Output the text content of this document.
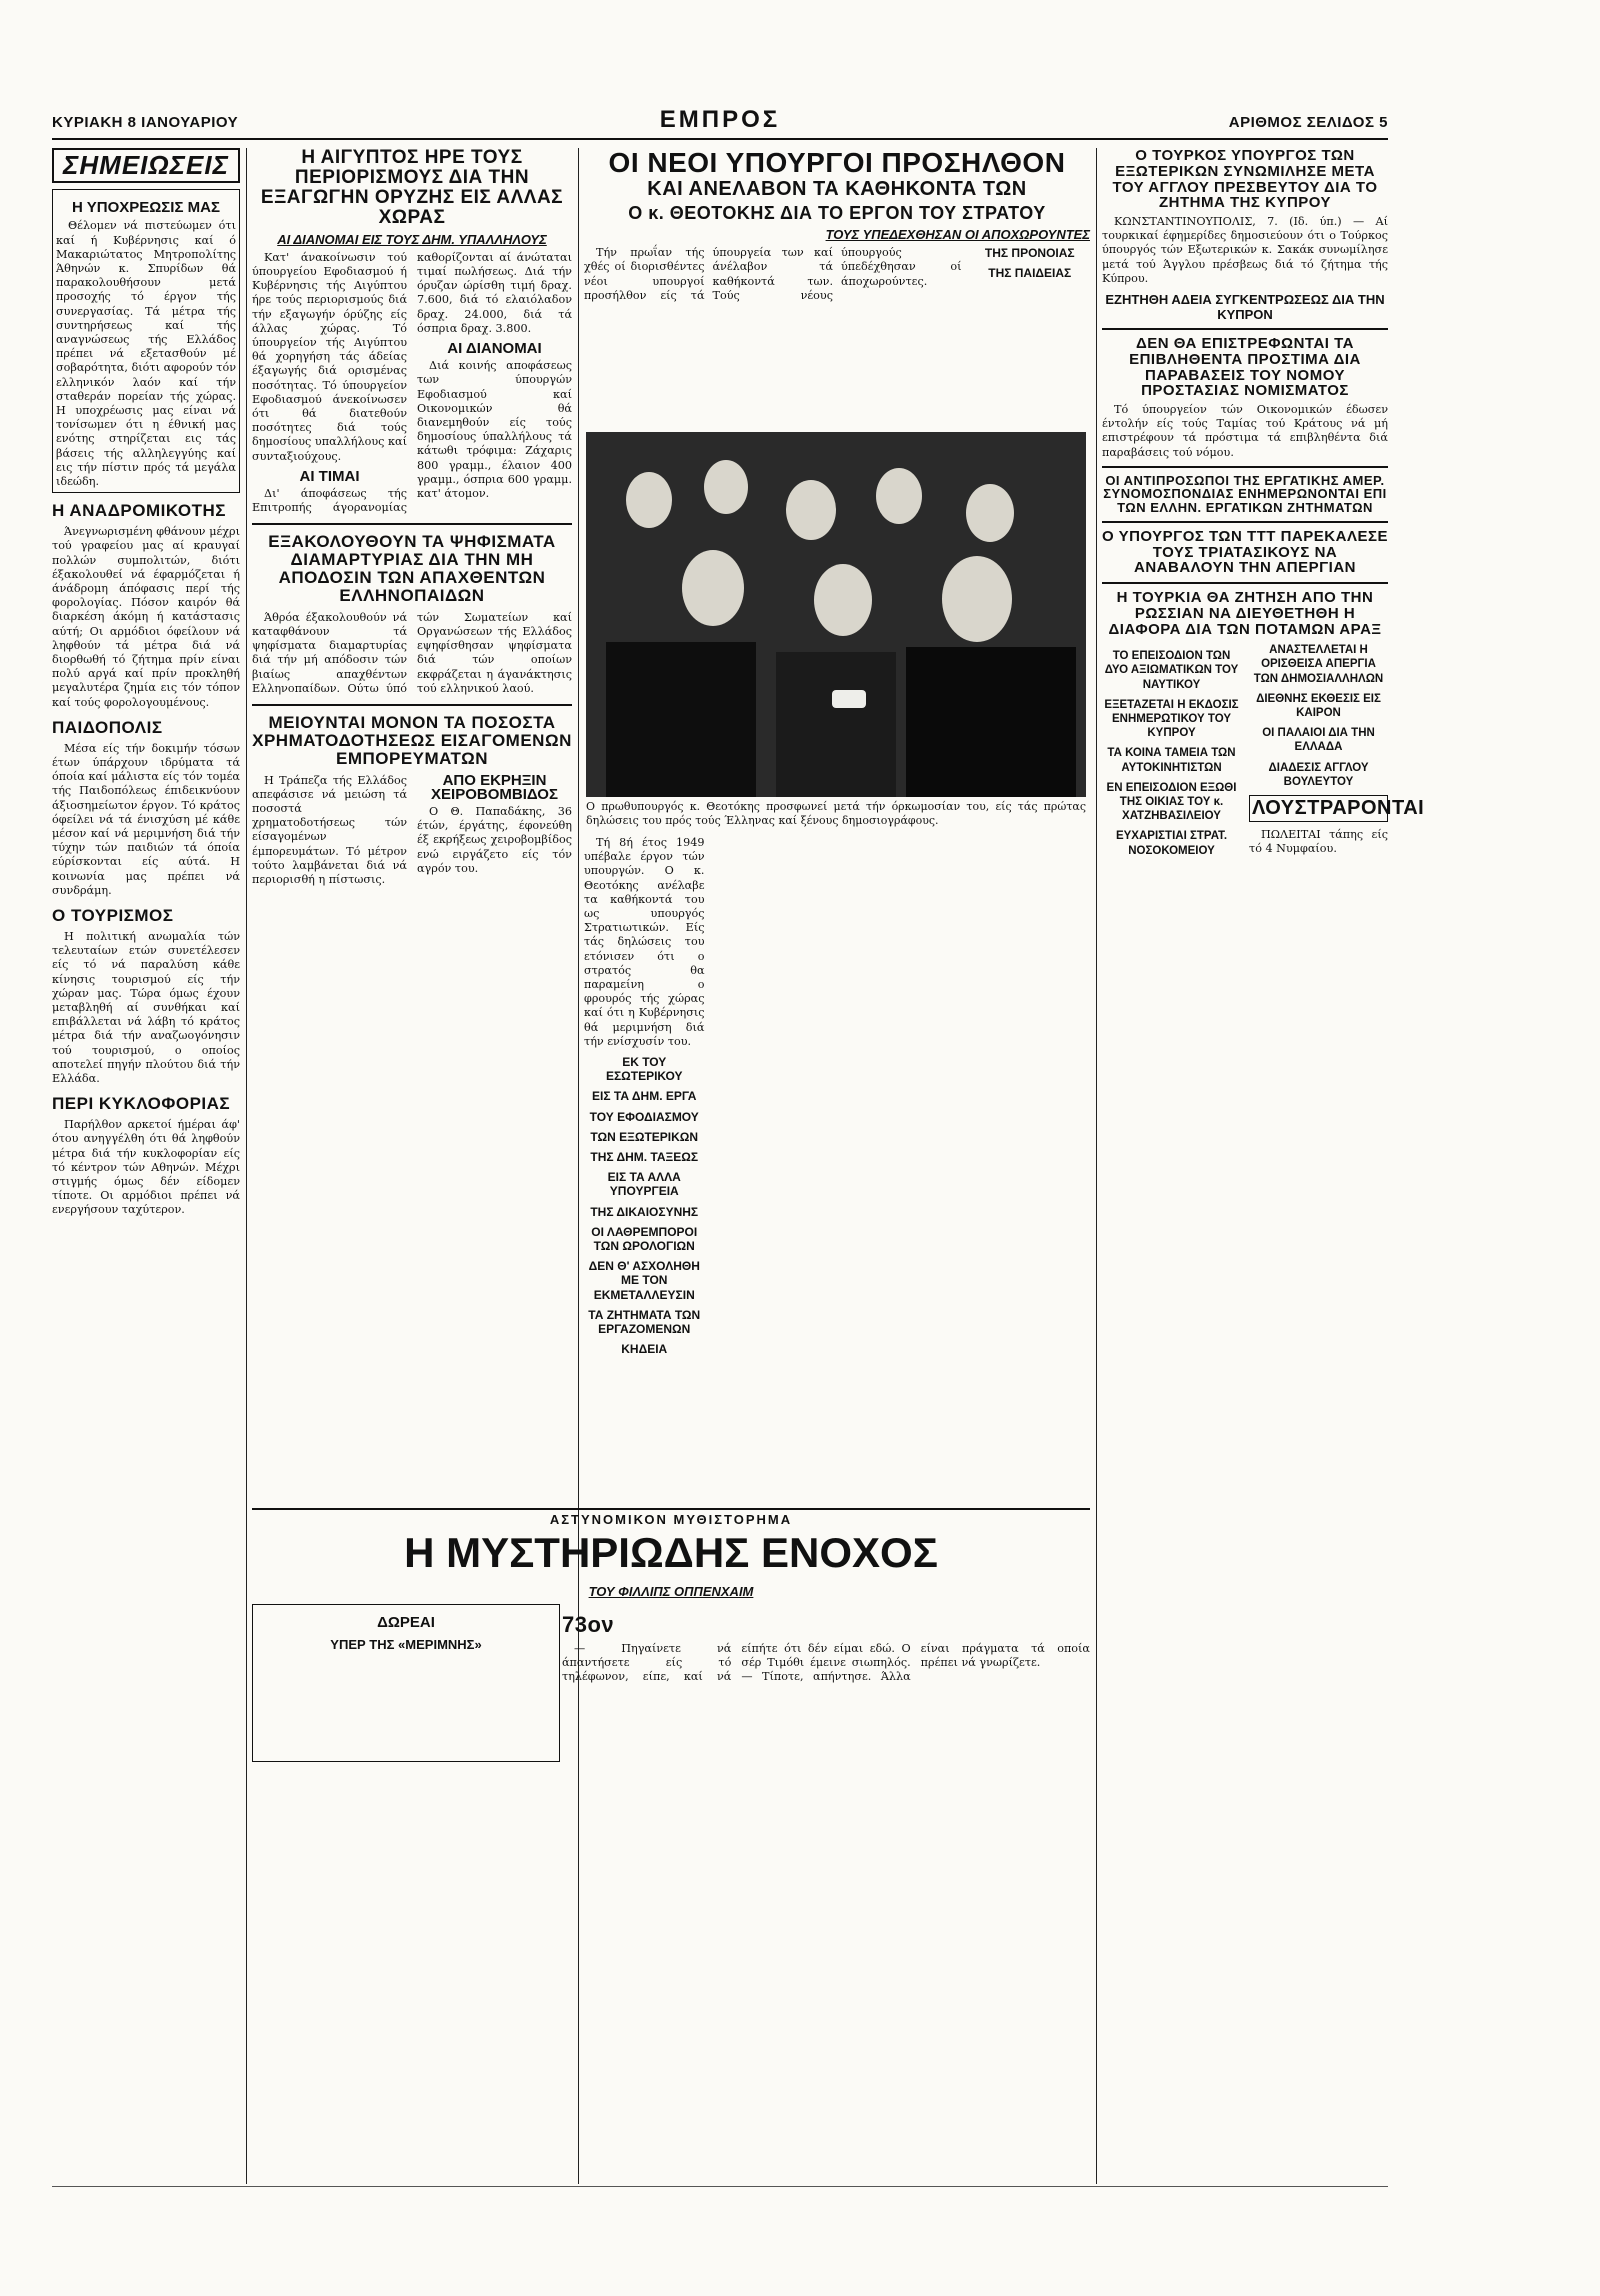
ΚΥΡΙΑΚΗ 8 ΙΑΝΟΥΑΡΙΟΥ	ΕΜΠΡΟΣ	ΑΡΙΘΜΟΣ ΣΕΛΙΔΟΣ 5
ΣΗΜΕΙΩΣΕΙΣ
Η ΥΠΟΧΡΕΩΣΙΣ ΜΑΣ

Θέλομεν νά πιστεύωμεν ότι καί ή Κυβέρνησις καί ό Μακαριώτατος Μητροπολίτης Άθηνών κ. Σπυρίδων θά παρακολουθήσουν μετά προσοχής τό έργον τής συνεργασίας. Τά μέτρα τής συντηρήσεως καί τής αναγνώσεως τής Ελλάδος πρέπει νά εξετασθούν μέ σοβαρότητα, διότι αφορούν τόν ελληνικόν λαόν καί τήν σταθεράν πορείαν τής χώρας. Η υποχρέωσις μας είναι νά τονίσωμεν ότι η έθνική μας ενότης στηρίζεται εις τάς βάσεις τής αλληλεγγύης καί εις τήν πίστιν πρός τά μεγάλα ιδεώδη.

Η ΑΝΑΔΡΟΜΙΚΟΤΗΣ

Άνεγνωρισμένη φθάνουν μέχρι τού γραφείου μας αί κραυγαί πολλών συμπολιτών, διότι έξακολουθεί νά έφαρμόζεται ή άνάδρομη άπόφασις περί τής φορολογίας. Πόσον καιρόν θά διαρκέση άκόμη ή κατάστασις αύτή; Οι αρμόδιοι όφείλουν νά ληφθούν τά μέτρα διά νά διορθωθή τό ζήτημα πρίν είναι πολύ αργά καί πρίν προκληθή μεγαλυτέρα ζημία εις τόν τόπον καί τούς φορολογουμένους.

ΠΑΙΔΟΠΟΛΙΣ

Μέσα είς τήν δοκιμήν τόσων έτων ύπάρχουν ιδρύματα τά όποία καί μάλιστα είς τόν τομέα τής Παιδοπόλεως έπιδεικνύουν άξιοσημείωτον έργον. Τό κράτος όφείλει νά τά ένισχύση μέ κάθε μέσον καί νά μεριμνήση διά τήν τύχην τών παιδιών τά όποία εύρίσκονται είς αύτά. Η κοινωνία μας πρέπει νά συνδράμη.

Ο ΤΟΥΡΙΣΜΟΣ

Η πολιτική ανωμαλία τών τελευταίων ετών συνετέλεσεν είς τό νά παραλύση κάθε κίνησις τουρισμού είς τήν χώραν μας. Τώρα όμως έχουν μεταβληθή αί συνθήκαι καί επιβάλλεται νά λάβη τό κράτος μέτρα διά τήν αναζωογόνησιν τού τουρισμού, ο οποίος αποτελεί πηγήν πλούτου διά τήν Ελλάδα.

ΠΕΡΙ ΚΥΚΛΟΦΟΡΙΑΣ

Παρήλθον αρκετοί ήμέραι άφ' ότου ανηγγέλθη ότι θά ληφθούν μέτρα διά τήν κυκλοφορίαν είς τό κέντρον τών Αθηνών. Μέχρι στιγμής όμως δέν είδομεν τίποτε. Οι αρμόδιοι πρέπει νά ενεργήσουν ταχύτερον.

Η ΑΙΓΥΠΤΟΣ ΗΡΕ ΤΟΥΣ ΠΕΡΙΟΡΙΣΜΟΥΣ ΔΙΑ ΤΗΝ ΕΞΑΓΩΓΗΝ ΟΡΥΖΗΣ ΕΙΣ ΑΛΛΑΣ ΧΩΡΑΣ
ΑΙ ΔΙΑΝΟΜΑΙ ΕΙΣ ΤΟΥΣ ΔΗΜ. ΥΠΑΛΛΗΛΟΥΣ

Κατ' άνακοίνωσιν τού ύπουργείου Εφοδιασμού ή Κυβέρνησις τής Αιγύπτου ήρε τούς περιορισμούς διά τήν εξαγωγήν όρύζης είς άλλας χώρας. Τό ύπουργείον τής Αιγύπτου θά χορηγήση τάς άδείας έξαγωγής διά ορισμένας ποσότητας. Τό ύπουργείον Εφοδιασμού άνεκοίνωσεν ότι θά διατεθούν ποσότητες διά τούς δημοσίους υπαλλήλους καί συνταξιούχους.

ΑΙ ΤΙΜΑΙ

Δι' άποφάσεως τής Επιτροπής άγορανομίας καθορίζονται αί άνώταται τιμαί πωλήσεως. Διά τήν όρυζαν ώρίσθη τιμή δραχ. 7.600, διά τό ελαιόλαδον δραχ. 24.000, διά τά όσπρια δραχ. 3.800.

ΑΙ ΔΙΑΝΟΜΑΙ

Διά κοινής αποφάσεως των ύπουργών Εφοδιασμού καί Οικονομικών θά διανεμηθούν είς τούς δημοσίους ύπαλλήλους τά κάτωθι τρόφιμα: Ζάχαρις 800 γραμμ., έλαιον 400 γραμμ., όσπρια 600 γραμμ. κατ' άτομον.

ΕΞΑΚΟΛΟΥΘΟΥΝ ΤΑ ΨΗΦΙΣΜΑΤΑ ΔΙΑΜΑΡΤΥΡΙΑΣ ΔΙΑ ΤΗΝ ΜΗ ΑΠΟΔΟΣΙΝ ΤΩΝ ΑΠΑΧΘΕΝΤΩΝ ΕΛΛΗΝΟΠΑΙΔΩΝ

Άθρόα έξακολουθούν νά καταφθάνουν τά ψηφίσματα διαμαρτυρίας διά τήν μή απόδοσιν τών βιαίως απαχθέντων Ελληνοπαίδων. Ούτω ύπό τών Σωματείων καί Οργανώσεων τής Ελλάδος εψηφίσθησαν ψηφίσματα διά τών οποίων εκφράζεται η άγανάκτησις τού ελληνικού λαού.

ΜΕΙΟΥΝΤΑΙ ΜΟΝΟΝ ΤΑ ΠΟΣΟΣΤΑ ΧΡΗΜΑΤΟΔΟΤΗΣΕΩΣ ΕΙΣΑΓΟΜΕΝΩΝ ΕΜΠΟΡΕΥΜΑΤΩΝ

Η Τράπεζα τής Ελλάδος απεφάσισε νά μειώση τά ποσοστά χρηματοδοτήσεως τών είσαγομένων έμπορευμάτων. Τό μέτρον τούτο λαμβάνεται διά νά περιορισθή η πίστωσις.

ΑΠΟ ΕΚΡΗΞΙΝ ΧΕΙΡΟΒΟΜΒΙΔΟΣ

Ο Θ. Παπαδάκης, 36 έτών, έργάτης, έφονεύθη έξ εκρήξεως χειροβομβίδος ενώ ειργάζετο είς τόν αγρόν του.

ΟΙ ΝΕΟΙ ΥΠΟΥΡΓΟΙ ΠΡΟΣΗΛΘΟΝ
ΚΑΙ ΑΝΕΛΑΒΟΝ ΤΑ ΚΑΘΗΚΟΝΤΑ ΤΩΝ
Ο κ. ΘΕΟΤΟΚΗΣ ΔΙΑ ΤΟ ΕΡΓΟΝ ΤΟΥ ΣΤΡΑΤΟΥ
ΤΟΥΣ ΥΠΕΔΕΧΘΗΣΑΝ ΟΙ ΑΠΟΧΩΡΟΥΝΤΕΣ

Τήν πρωΐαν τής χθές οί διορισθέντες νέοι υπουργοί προσήλθον είς τά ύπουργεία των καί άνέλαβον τά καθήκοντά των. Τούς νέους ύπουργούς ύπεδέχθησαν οί άποχωρούντες.

ΤΗΣ ΠΡΟΝΟΙΑΣ
ΤΗΣ ΠΑΙΔΕΙΑΣ
Ο πρωθυπουργός κ. Θεοτόκης προσφωνεί μετά τήν όρκωμοσίαν του, είς τάς πρώτας δηλώσεις του πρός τούς Έλληνας καί ξένους δημοσιογράφους.

Τή 8ή έτος 1949 υπέβαλε έργον τών υπουργών. Ο κ. Θεοτόκης ανέλαβε τα καθήκοντά του ως υπουργός Στρατιωτικών. Είς τάς δηλώσεις του ετόνισεν ότι ο στρατός θα παραμείνη ο φρουρός τής χώρας καί ότι η Κυβέρνησις θά μεριμνήση διά τήν ενίσχυσίν του.

ΕΚ ΤΟΥ ΕΣΩΤΕΡΙΚΟΥ
ΕΙΣ ΤΑ ΔΗΜ. ΕΡΓΑ
ΤΟΥ ΕΦΟΔΙΑΣΜΟΥ
ΤΩΝ ΕΞΩΤΕΡΙΚΩΝ
ΤΗΣ ΔΗΜ. ΤΑΞΕΩΣ
ΕΙΣ ΤΑ ΑΛΛΑ ΥΠΟΥΡΓΕΙΑ
ΤΗΣ ΔΙΚΑΙΟΣΥΝΗΣ
ΟΙ ΛΑΘΡΕΜΠΟΡΟΙ ΤΩΝ ΩΡΟΛΟΓΙΩΝ
ΔΕΝ Θ' ΑΣΧΟΛΗΘΗ ΜΕ ΤΟΝ ΕΚΜΕΤΑΛΛΕΥΣΙΝ
ΤΑ ΖΗΤΗΜΑΤΑ ΤΩΝ ΕΡΓΑΖΟΜΕΝΩΝ
ΚΗΔΕΙΑ
ΔΩΡΕΑΙ
ΥΠΕΡ ΤΗΣ «ΜΕΡΙΜΝΗΣ»
ΑΣΤΥΝΟΜΙΚΟΝ ΜΥΘΙΣΤΟΡΗΜΑ
Η ΜΥΣΤΗΡΙΩΔΗΣ ΕΝΟΧΟΣ
ΤΟΥ ΦΙΛΛΙΠΣ ΟΠΠΕΝΧΑΙΜ
73ον

— Πηγαίνετε νά άπαντήσετε είς τό τηλέφωνον, είπε, καί νά είπήτε ότι δέν είμαι εδώ. Ο σέρ Τιμόθι έμεινε σιωπηλός. — Τίποτε, απήντησε. Άλλα είναι πράγματα τά οποία πρέπει νά γνωρίζετε.

Ο ΤΟΥΡΚΟΣ ΥΠΟΥΡΓΟΣ ΤΩΝ ΕΞΩΤΕΡΙΚΩΝ ΣΥΝΩΜΙΛΗΣΕ ΜΕΤΑ ΤΟΥ ΑΓΓΛΟΥ ΠΡΕΣΒΕΥΤΟΥ ΔΙΑ ΤΟ ΖΗΤΗΜΑ ΤΗΣ ΚΥΠΡΟΥ

ΚΩΝΣΤΑΝΤΙΝΟΥΠΟΛΙΣ, 7. (Ιδ. ύπ.) — Αί τουρκικαί έφημερίδες δημοσιεύουν ότι ο Τούρκος ύπουργός τών Εξωτερικών κ. Σακάκ συνωμίλησε μετά τού Άγγλου πρέσβεως διά τό ζήτημα τής Κύπρου.

ΕΖΗΤΗΘΗ ΑΔΕΙΑ ΣΥΓΚΕΝΤΡΩΣΕΩΣ ΔΙΑ ΤΗΝ ΚΥΠΡΟΝ
ΔΕΝ ΘΑ ΕΠΙΣΤΡΕΦΩΝΤΑΙ ΤΑ ΕΠΙΒΛΗΘΕΝΤΑ ΠΡΟΣΤΙΜΑ ΔΙΑ ΠΑΡΑΒΑΣΕΙΣ ΤΟΥ ΝΟΜΟΥ ΠΡΟΣΤΑΣΙΑΣ ΝΟΜΙΣΜΑΤΟΣ

Τό ύπουργείον τών Οικονομικών έδωσεν έντολήν είς τούς Ταμίας τού Κράτους νά μή επιστρέφουν τά πρόστιμα τά επιβληθέντα διά παραβάσεις τού νόμου.

ΟΙ ΑΝΤΙΠΡΟΣΩΠΟΙ ΤΗΣ ΕΡΓΑΤΙΚΗΣ ΑΜΕΡ. ΣΥΝΟΜΟΣΠΟΝΔΙΑΣ ΕΝΗΜΕΡΩΝΟΝΤΑΙ ΕΠΙ ΤΩΝ ΕΛΛΗΝ. ΕΡΓΑΤΙΚΩΝ ΖΗΤΗΜΑΤΩΝ
Ο ΥΠΟΥΡΓΟΣ ΤΩΝ ΤΤΤ ΠΑΡΕΚΑΛΕΣΕ ΤΟΥΣ ΤΡΙΑΤΑΣΙΚΟΥΣ ΝΑ ΑΝΑΒΑΛΟΥΝ ΤΗΝ ΑΠΕΡΓΙΑΝ
Η ΤΟΥΡΚΙΑ ΘΑ ΖΗΤΗΣΗ ΑΠΟ ΤΗΝ ΡΩΣΣΙΑΝ ΝΑ ΔΙΕΥΘΕΤΗΘΗ Η ΔΙΑΦΟΡΑ ΔΙΑ ΤΩΝ ΠΟΤΑΜΩΝ ΑΡΑΞ
ΤΟ ΕΠΕΙΣΟΔΙΟΝ ΤΩΝ ΔΥΟ ΑΞΙΩΜΑΤΙΚΩΝ ΤΟΥ ΝΑΥΤΙΚΟΥ
ΕΞΕΤΑΖΕΤΑΙ Η ΕΚΔΟΣΙΣ ΕΝΗΜΕΡΩΤΙΚΟΥ ΤΟΥ ΚΥΠΡΟΥ
ΤΑ ΚΟΙΝΑ ΤΑΜΕΙΑ ΤΩΝ ΑΥΤΟΚΙΝΗΤΙΣΤΩΝ
ΕΝ ΕΠΕΙΣΟΔΙΟΝ ΕΞΩΘΙ ΤΗΣ ΟΙΚΙΑΣ ΤΟΥ κ. ΧΑΤΖΗΒΑΣΙΛΕΙΟΥ
ΕΥΧΑΡΙΣΤΙΑΙ ΣΤΡΑΤ. ΝΟΣΟΚΟΜΕΙΟΥ
ΑΝΑΣΤΕΛΛΕΤΑΙ Η ΟΡΙΣΘΕΙΣΑ ΑΠΕΡΓΙΑ ΤΩΝ ΔΗΜΟΣΙΑΛΛΗΛΩΝ
ΔΙΕΘΝΗΣ ΕΚΘΕΣΙΣ ΕΙΣ ΚΑΙΡΟΝ
ΟΙ ΠΑΛΑΙΟΙ ΔΙΑ ΤΗΝ ΕΛΛΑΔΑ
ΔΙΑΔΕΣΙΣ ΑΓΓΛΟΥ ΒΟΥΛΕΥΤΟΥ
ΛΟΥΣΤΡΑΡΟΝΤΑΙ

ΠΩΛΕΙΤΑΙ τάπης είς τό 4 Νυμφαίου.
